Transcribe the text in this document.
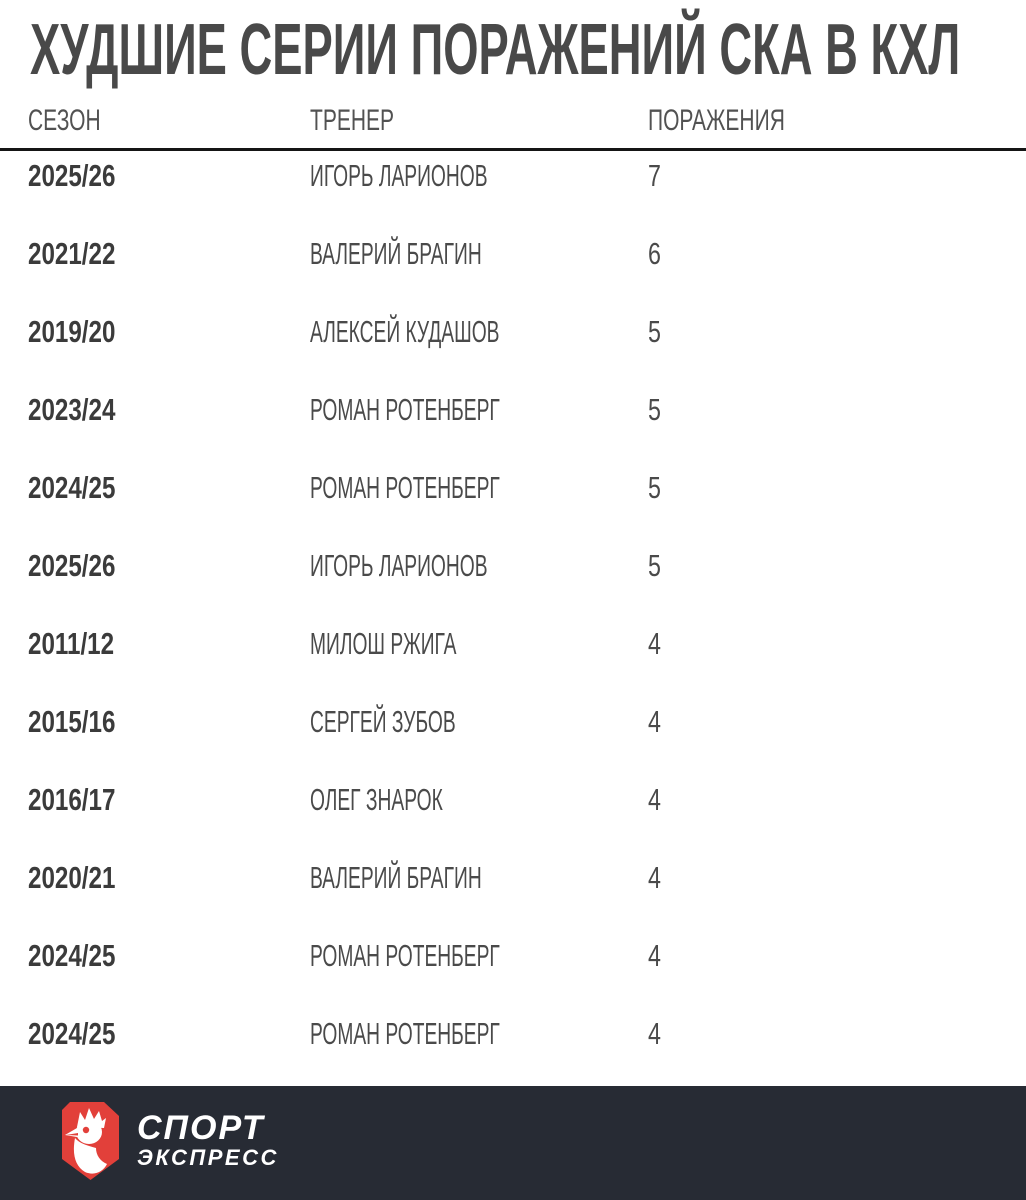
ХУДШИЕ СЕРИИ ПОРАЖЕНИЙ СКА В КХЛ
СЕЗОН	ТРЕНЕР	ПОРАЖЕНИЯ
2025/26	ИГОРЬ ЛАРИОНОВ	7
2021/22	ВАЛЕРИЙ БРАГИН	6
2019/20	АЛЕКСЕЙ КУДАШОВ	5
2023/24	РОМАН РОТЕНБЕРГ	5
2024/25	РОМАН РОТЕНБЕРГ	5
2025/26	ИГОРЬ ЛАРИОНОВ	5
2011/12	МИЛОШ РЖИГА	4
2015/16	СЕРГЕЙ ЗУБОВ	4
2016/17	ОЛЕГ ЗНАРОК	4
2020/21	ВАЛЕРИЙ БРАГИН	4
2024/25	РОМАН РОТЕНБЕРГ	4
2024/25	РОМАН РОТЕНБЕРГ	4
СПОРТ
ЭКСПРЕСС
